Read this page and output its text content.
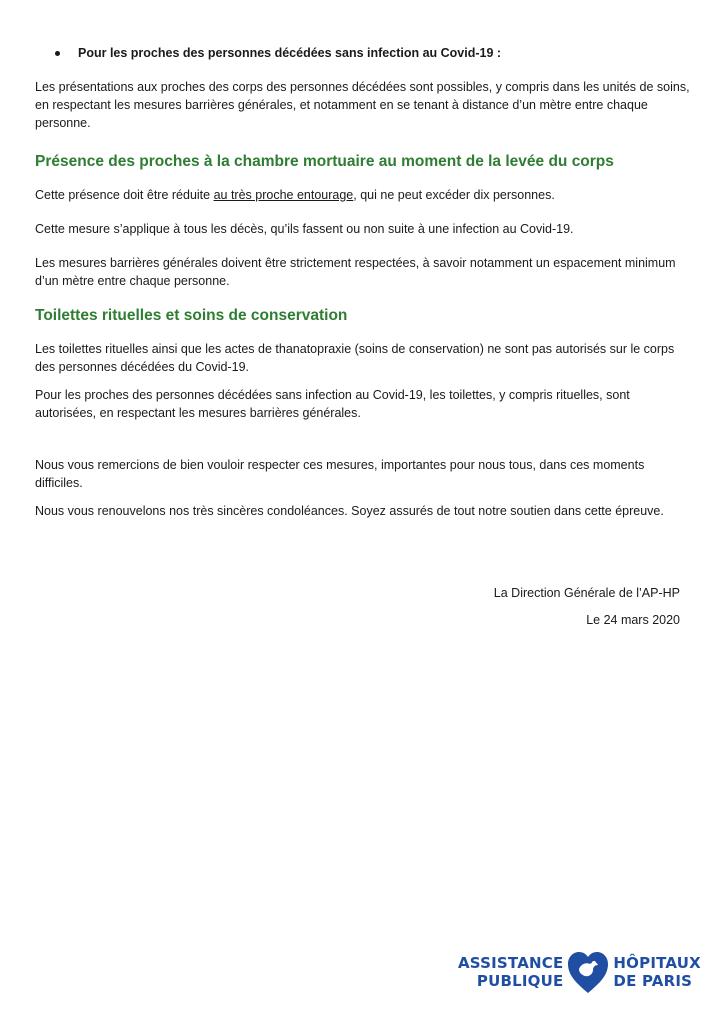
Pour les proches des personnes décédées sans infection au Covid-19 :

Les présentations aux proches des corps des personnes décédées sont possibles, y compris dans les unités de soins, en respectant les mesures barrières générales, et notamment en se tenant à distance d’un mètre entre chaque personne.

Présence des proches à la chambre mortuaire au moment de la levée du corps

Cette présence doit être réduite au très proche entourage, qui ne peut excéder dix personnes.

Cette mesure s’applique à tous les décès, qu’ils fassent ou non suite à une infection au Covid-19.

Les mesures barrières générales doivent être strictement respectées, à savoir notamment un espacement minimum d’un mètre entre chaque personne.

Toilettes rituelles et soins de conservation

Les toilettes rituelles ainsi que les actes de thanatopraxie (soins de conservation) ne sont pas autorisés sur le corps des personnes décédées du Covid-19.

Pour les proches des personnes décédées sans infection au Covid-19, les toilettes, y compris rituelles, sont autorisées, en respectant les mesures barrières générales.

Nous vous remercions de bien vouloir respecter ces mesures, importantes pour nous tous, dans ces moments difficiles.

Nous vous renouvelons nos très sincères condoléances. Soyez assurés de tout notre soutien dans cette épreuve.

La Direction Générale de l’AP-HP
Le 24 mars 2020
ASSISTANCE
PUBLIQUE
HÔPITAUX
DE PARIS
